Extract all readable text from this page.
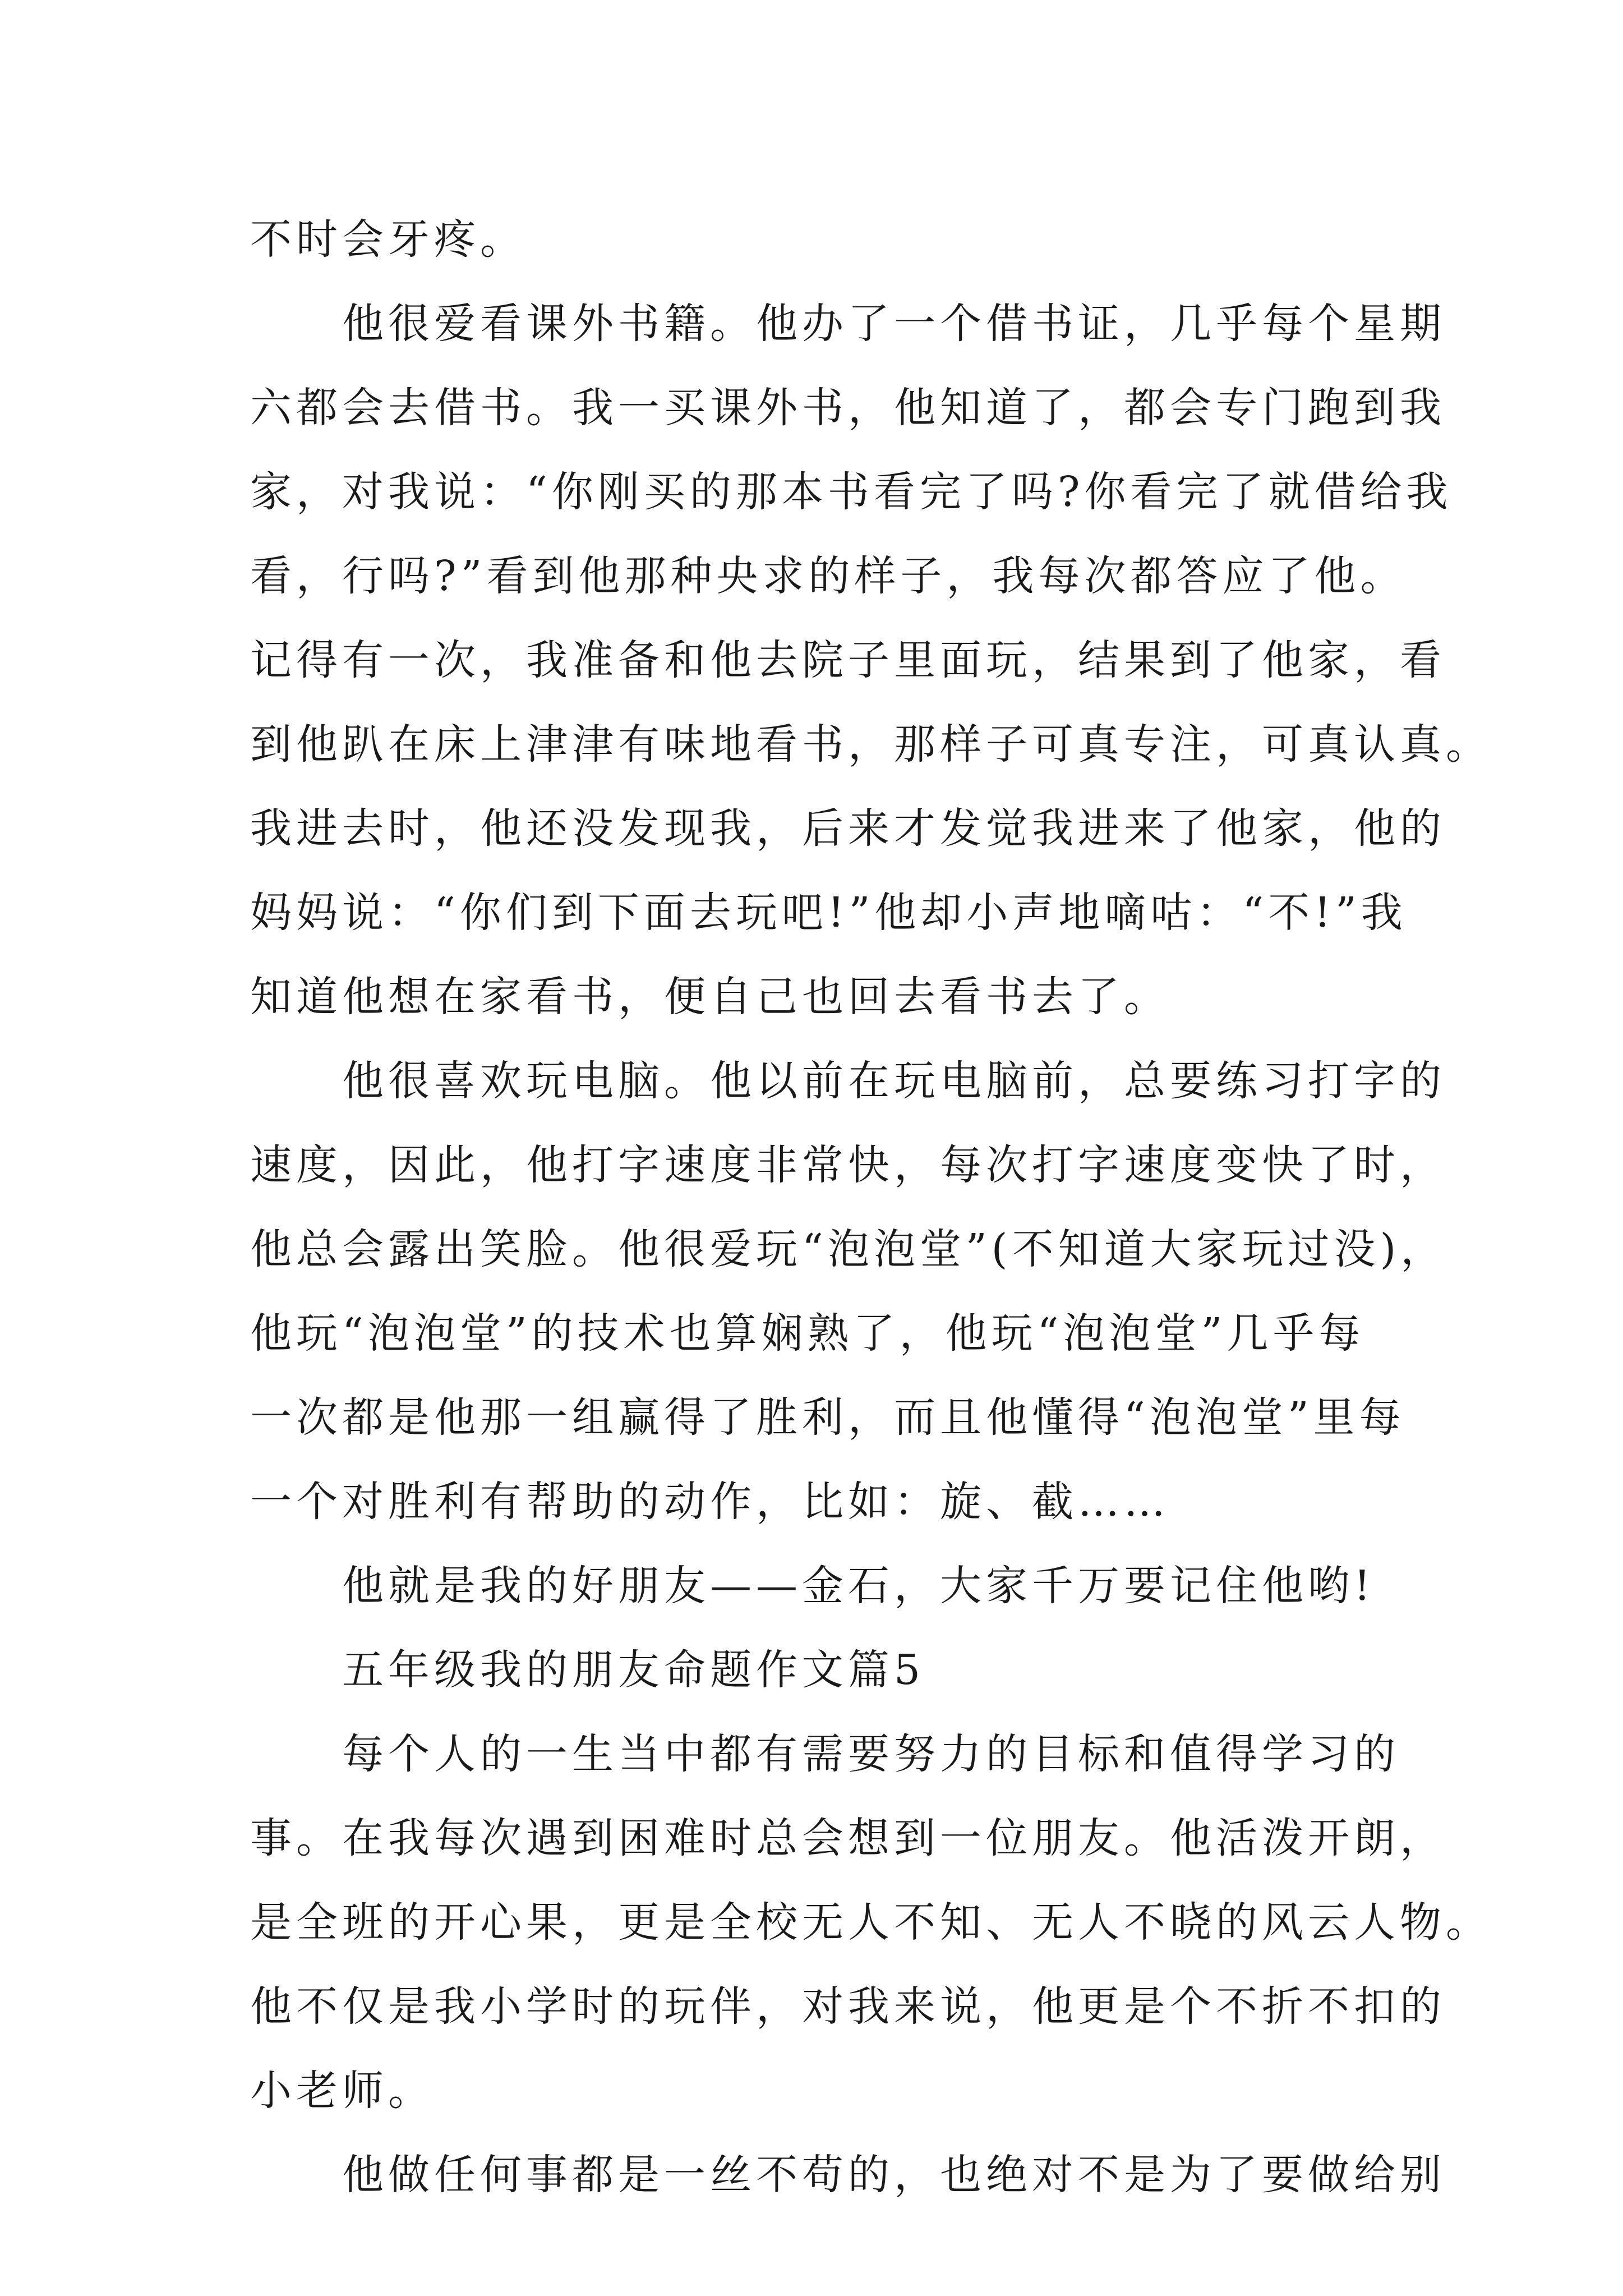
不时会牙疼。
他很爱看课外书籍。他办了一个借书证，几乎每个星期
六都会去借书。我一买课外书，他知道了，都会专门跑到我
家，对我说：“你刚买的那本书看完了吗?你看完了就借给我
看，行吗?”看到他那种央求的样子，我每次都答应了他。
记得有一次，我准备和他去院子里面玩，结果到了他家，看
到他趴在床上津津有味地看书，那样子可真专注，可真认真。
我进去时，他还没发现我，后来才发觉我进来了他家，他的
妈妈说：“你们到下面去玩吧!”他却小声地嘀咕：“不!”我
知道他想在家看书，便自己也回去看书去了。
他很喜欢玩电脑。他以前在玩电脑前，总要练习打字的
速度，因此，他打字速度非常快，每次打字速度变快了时，
他总会露出笑脸。他很爱玩“泡泡堂”(不知道大家玩过没)，
他玩“泡泡堂”的技术也算娴熟了，他玩“泡泡堂”几乎每
一次都是他那一组赢得了胜利，而且他懂得“泡泡堂”里每
一个对胜利有帮助的动作，比如：旋、截……
他就是我的好朋友——金石，大家千万要记住他哟!
五年级我的朋友命题作文篇5
每个人的一生当中都有需要努力的目标和值得学习的
事。在我每次遇到困难时总会想到一位朋友。他活泼开朗，
是全班的开心果，更是全校无人不知、无人不晓的风云人物。
他不仅是我小学时的玩伴，对我来说，他更是个不折不扣的
小老师。
他做任何事都是一丝不苟的，也绝对不是为了要做给别
